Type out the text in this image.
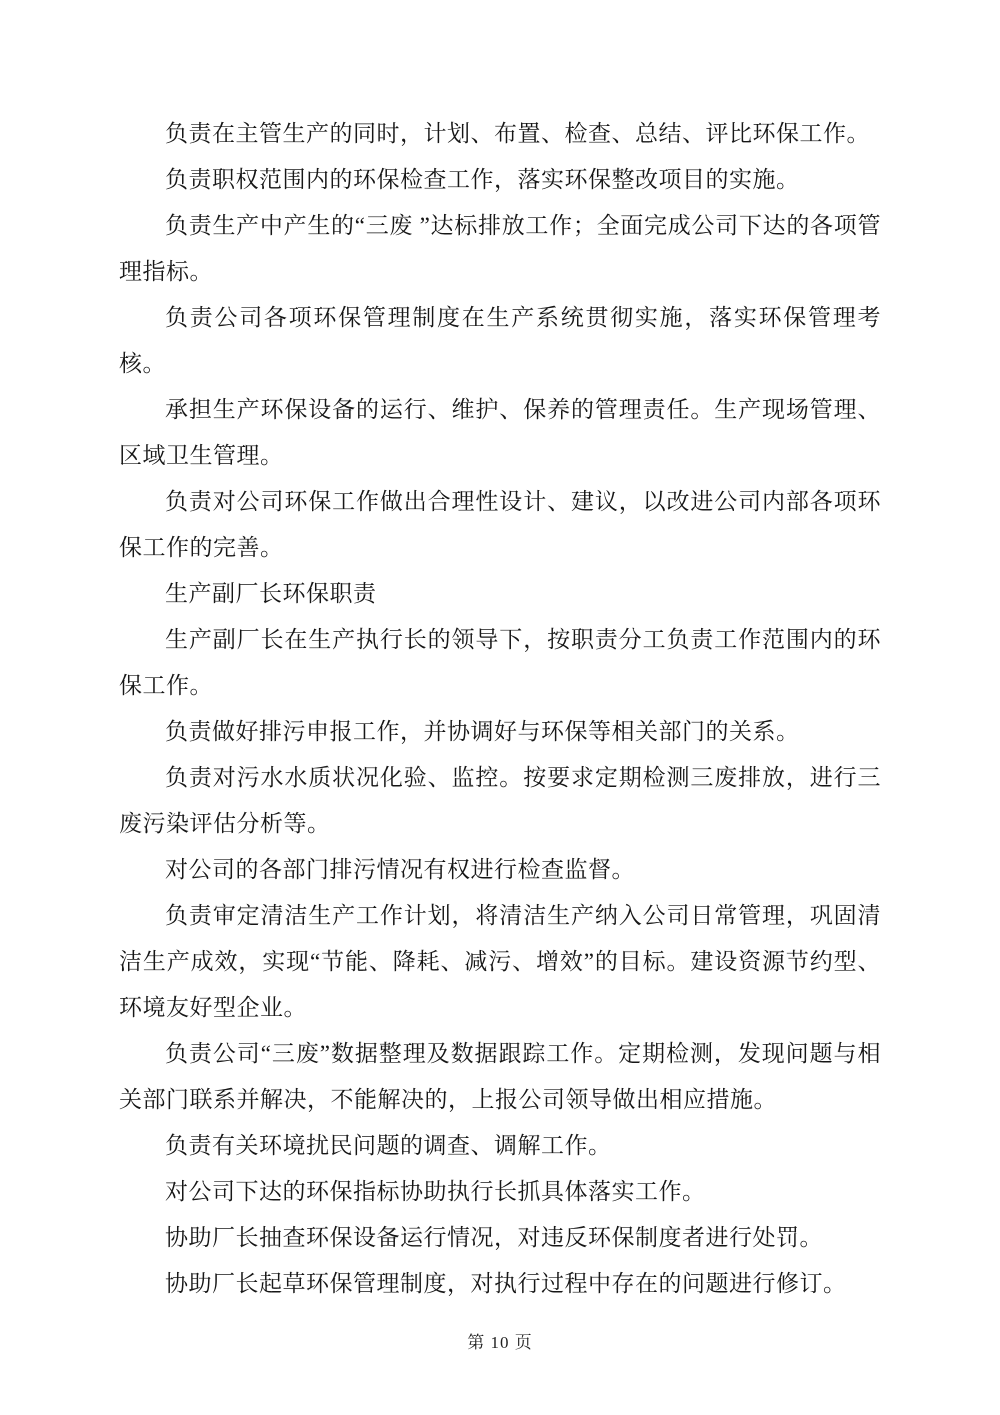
负责在主管生产的同时，计划、布置、检查、总结、评比环保工作。

负责职权范围内的环保检查工作，落实环保整改项目的实施。

负责生产中产生的“三废 ”达标排放工作；全面完成公司下达的各项管理指标。

负责公司各项环保管理制度在生产系统贯彻实施，落实环保管理考核。

承担生产环保设备的运行、维护、保养的管理责任。生产现场管理、区域卫生管理。

负责对公司环保工作做出合理性设计、建议，以改进公司内部各项环保工作的完善。

生产副厂长环保职责

生产副厂长在生产执行长的领导下，按职责分工负责工作范围内的环保工作。

负责做好排污申报工作，并协调好与环保等相关部门的关系。

负责对污水水质状况化验、监控。按要求定期检测三废排放，进行三废污染评估分析等。

对公司的各部门排污情况有权进行检查监督。

负责审定清洁生产工作计划，将清洁生产纳入公司日常管理，巩固清洁生产成效，实现“节能、降耗、减污、增效”的目标。建设资源节约型、环境友好型企业。

负责公司“三废”数据整理及数据跟踪工作。定期检测，发现问题与相关部门联系并解决，不能解决的，上报公司领导做出相应措施。

负责有关环境扰民问题的调查、调解工作。

对公司下达的环保指标协助执行长抓具体落实工作。

协助厂长抽查环保设备运行情况，对违反环保制度者进行处罚。

协助厂长起草环保管理制度，对执行过程中存在的问题进行修订。

第 10 页
